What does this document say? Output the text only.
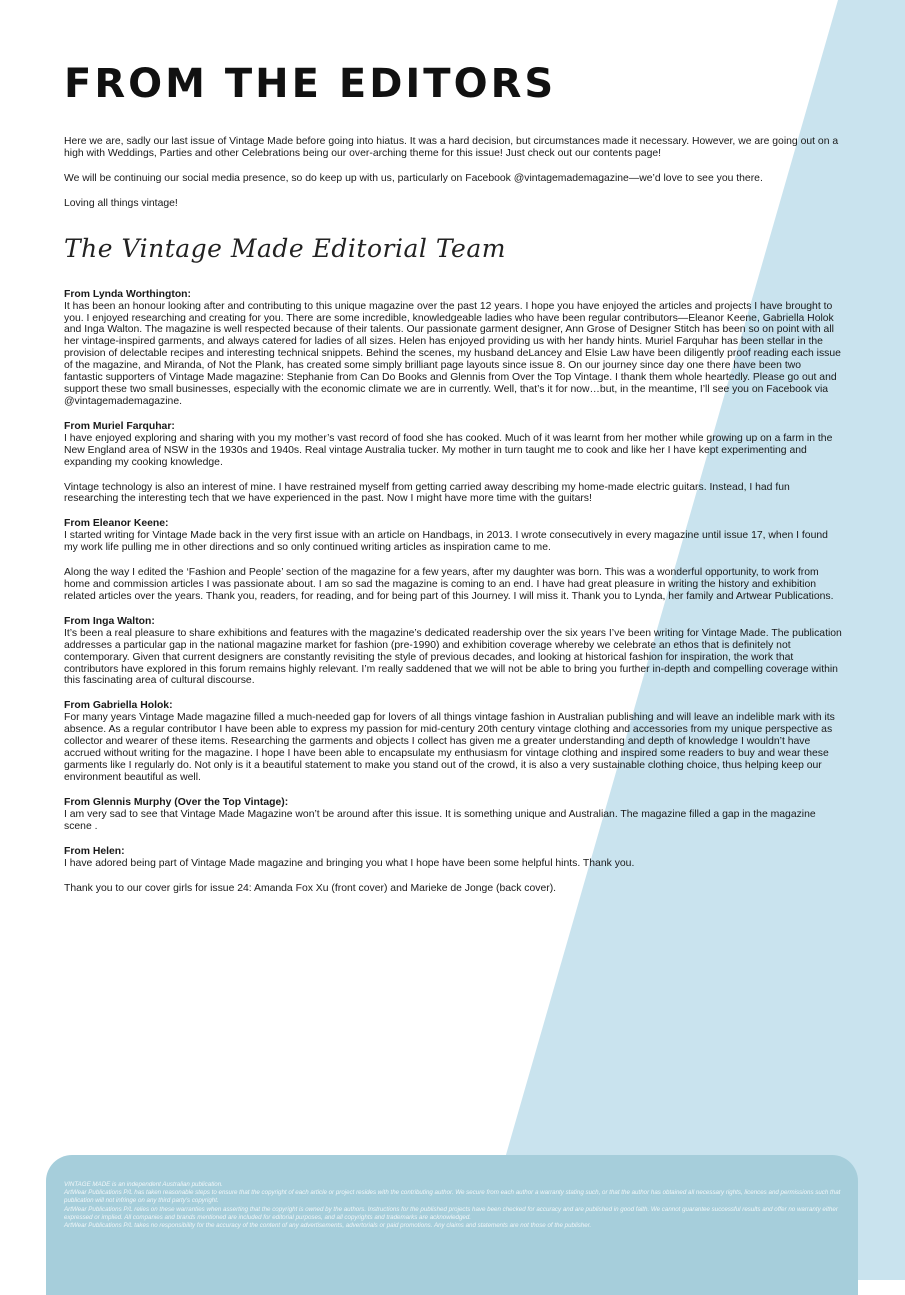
FROM THE EDITORS

Here we are, sadly our last issue of Vintage Made before going into hiatus. It was a hard decision, but circumstances made it necessary. However, we are going out on a high with Weddings, Parties and other Celebrations being our over-arching theme for this issue! Just check out our contents page!

We will be continuing our social media presence, so do keep up with us, particularly on Facebook @vintagemademagazine—we’d love to see you there.

Loving all things vintage!

The Vintage Made Editorial Team
From Lynda Worthington:

It has been an honour looking after and contributing to this unique magazine over the past 12 years. I hope you have enjoyed the articles and projects I have brought to you. I enjoyed researching and creating for you. There are some incredible, knowledgeable ladies who have been regular contributors—Eleanor Keene, Gabriella Holok and Inga Walton. The magazine is well respected because of their talents. Our passionate garment designer, Ann Grose of Designer Stitch has been so on point with all her vintage-inspired garments, and always catered for ladies of all sizes. Helen has enjoyed providing us with her handy hints. Muriel Farquhar has been stellar in the provision of delectable recipes and interesting technical snippets. Behind the scenes, my husband deLancey and Elsie Law have been diligently proof reading each issue of the magazine, and Miranda, of Not the Plank, has created some simply brilliant page layouts since issue 8. On our journey since day one there have been two fantastic supporters of Vintage Made magazine: Stephanie from Can Do Books and Glennis from Over the Top Vintage. I thank them whole heartedly. Please go out and support these two small businesses, especially with the economic climate we are in currently. Well, that’s it for now…but, in the meantime, I’ll see you on Facebook via @vintagemademagazine.

From Muriel Farquhar:

I have enjoyed exploring and sharing with you my mother’s vast record of food she has cooked. Much of it was learnt from her mother while growing up on a farm in the New England area of NSW in the 1930s and 1940s. Real vintage Australia tucker. My mother in turn taught me to cook and like her I have kept experimenting and expanding my cooking knowledge.

Vintage technology is also an interest of mine. I have restrained myself from getting carried away describing my home-made electric guitars. Instead, I had fun researching the interesting tech that we have experienced in the past. Now I might have more time with the guitars!

From Eleanor Keene:

I started writing for Vintage Made back in the very first issue with an article on Handbags, in 2013. I wrote consecutively in every magazine until issue 17, when I found my work life pulling me in other directions and so only continued writing articles as inspiration came to me.

Along the way I edited the ‘Fashion and People’ section of the magazine for a few years, after my daughter was born. This was a wonderful opportunity, to work from home and commission articles I was passionate about. I am so sad the magazine is coming to an end. I have had great pleasure in writing the history and exhibition related articles over the years. Thank you, readers, for reading, and for being part of this Journey. I will miss it. Thank you to Lynda, her family and Artwear Publications.

From Inga Walton:

It’s been a real pleasure to share exhibitions and features with the magazine’s dedicated readership over the six years I’ve been writing for Vintage Made. The publication addresses a particular gap in the national magazine market for fashion (pre-1990) and exhibition coverage whereby we celebrate an ethos that is definitely not contemporary. Given that current designers are constantly revisiting the style of previous decades, and looking at historical fashion for inspiration, the work that contributors have explored in this forum remains highly relevant. I’m really saddened that we will not be able to bring you further in-depth and compelling coverage within this fascinating area of cultural discourse.

From Gabriella Holok:

For many years Vintage Made magazine filled a much-needed gap for lovers of all things vintage fashion in Australian publishing and will leave an indelible mark with its absence. As a regular contributor I have been able to express my passion for mid-century 20th century vintage clothing and accessories from my unique perspective as collector and wearer of these items. Researching the garments and objects I collect has given me a greater understanding and depth of knowledge I wouldn’t have accrued without writing for the magazine. I hope I have been able to encapsulate my enthusiasm for vintage clothing and inspired some readers to buy and wear these garments like I regularly do. Not only is it a beautiful statement to make you stand out of the crowd, it is also a very sustainable clothing choice, thus helping keep our environment beautiful as well.

From Glennis Murphy (Over the Top Vintage):

I am very sad to see that Vintage Made Magazine won’t be around after this issue. It is something unique and Australian. The magazine filled a gap in the magazine scene .

From Helen:

I have adored being part of Vintage Made magazine and bringing you what I hope have been some helpful hints. Thank you.

Thank you to our cover girls for issue 24: Amanda Fox Xu (front cover) and Marieke de Jonge (back cover).

VINTAGE MADE is an independent Australian publication.
ArtWear Publications P/L has taken reasonable steps to ensure that the copyright of each article or project resides with the contributing author. We secure from each author a warranty stating such, or that the author has obtained all necessary rights, licences and permissions such that publication will not infringe on any third party’s copyright.
ArtWear Publications P/L relies on these warranties when asserting that the copyright is owned by the authors. Instructions for the published projects have been checked for accuracy and are published in good faith. We cannot guarantee successful results and offer no warranty either expressed or implied. All companies and brands mentioned are included for editorial purposes, and all copyrights and trademarks are acknowledged.
ArtWear Publications P/L takes no responsibility for the accuracy of the content of any advertisements, advertorials or paid promotions. Any claims and statements are not those of the publisher.
